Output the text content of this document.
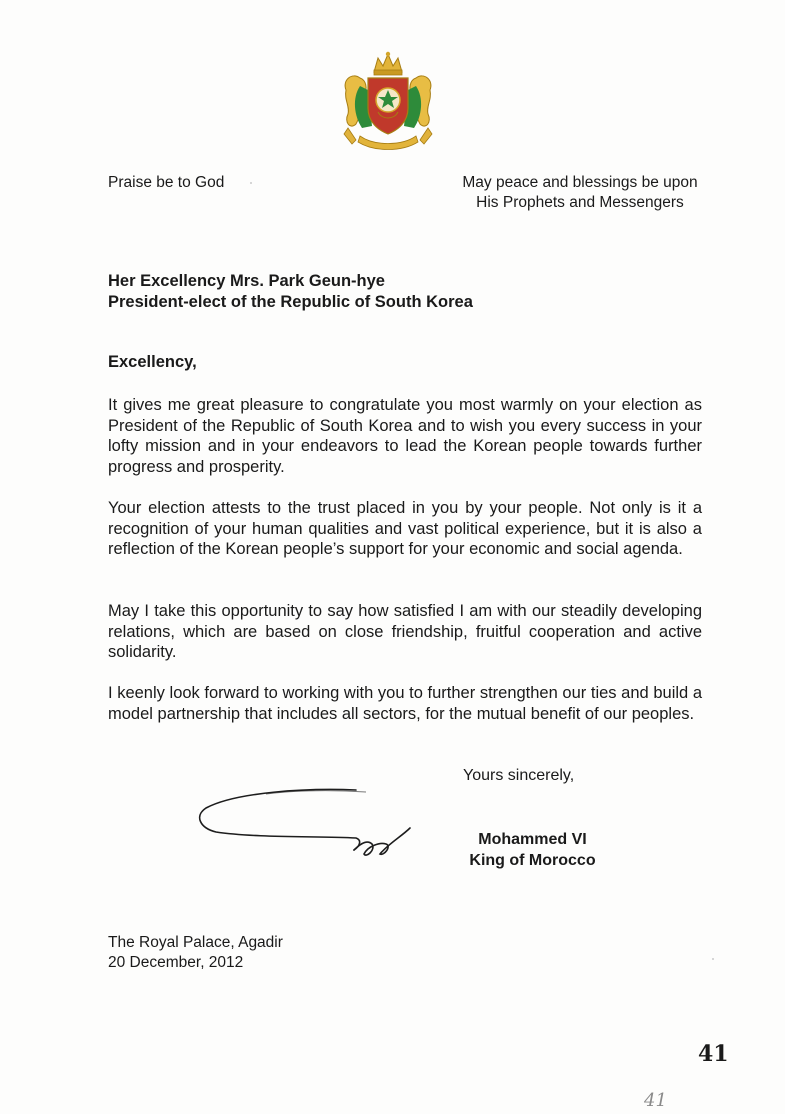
Praise be to God	May peace and blessings be upon
His Prophets and Messengers
Her Excellency Mrs. Park Geun-hye
President-elect of the Republic of South Korea
Excellency,
It gives me great pleasure to congratulate you most warmly on your election as President of the Republic of South Korea and to wish you every success in your lofty mission and in your endeavors to lead the Korean people towards further progress and prosperity.
Your election attests to the trust placed in you by your people. Not only is it a recognition of your human qualities and vast political experience, but it is also a reflection of the Korean people’s support for your economic and social agenda.
May I take this opportunity to say how satisfied I am with our steadily developing relations, which are based on close friendship, fruitful cooperation and active solidarity.
I keenly look forward to working with you to further strengthen our ties and build a model partnership that includes all sectors, for the mutual benefit of our peoples.
Yours sincerely,
Mohammed VI
King of Morocco
The Royal Palace, Agadir
20 December, 2012
41
41
